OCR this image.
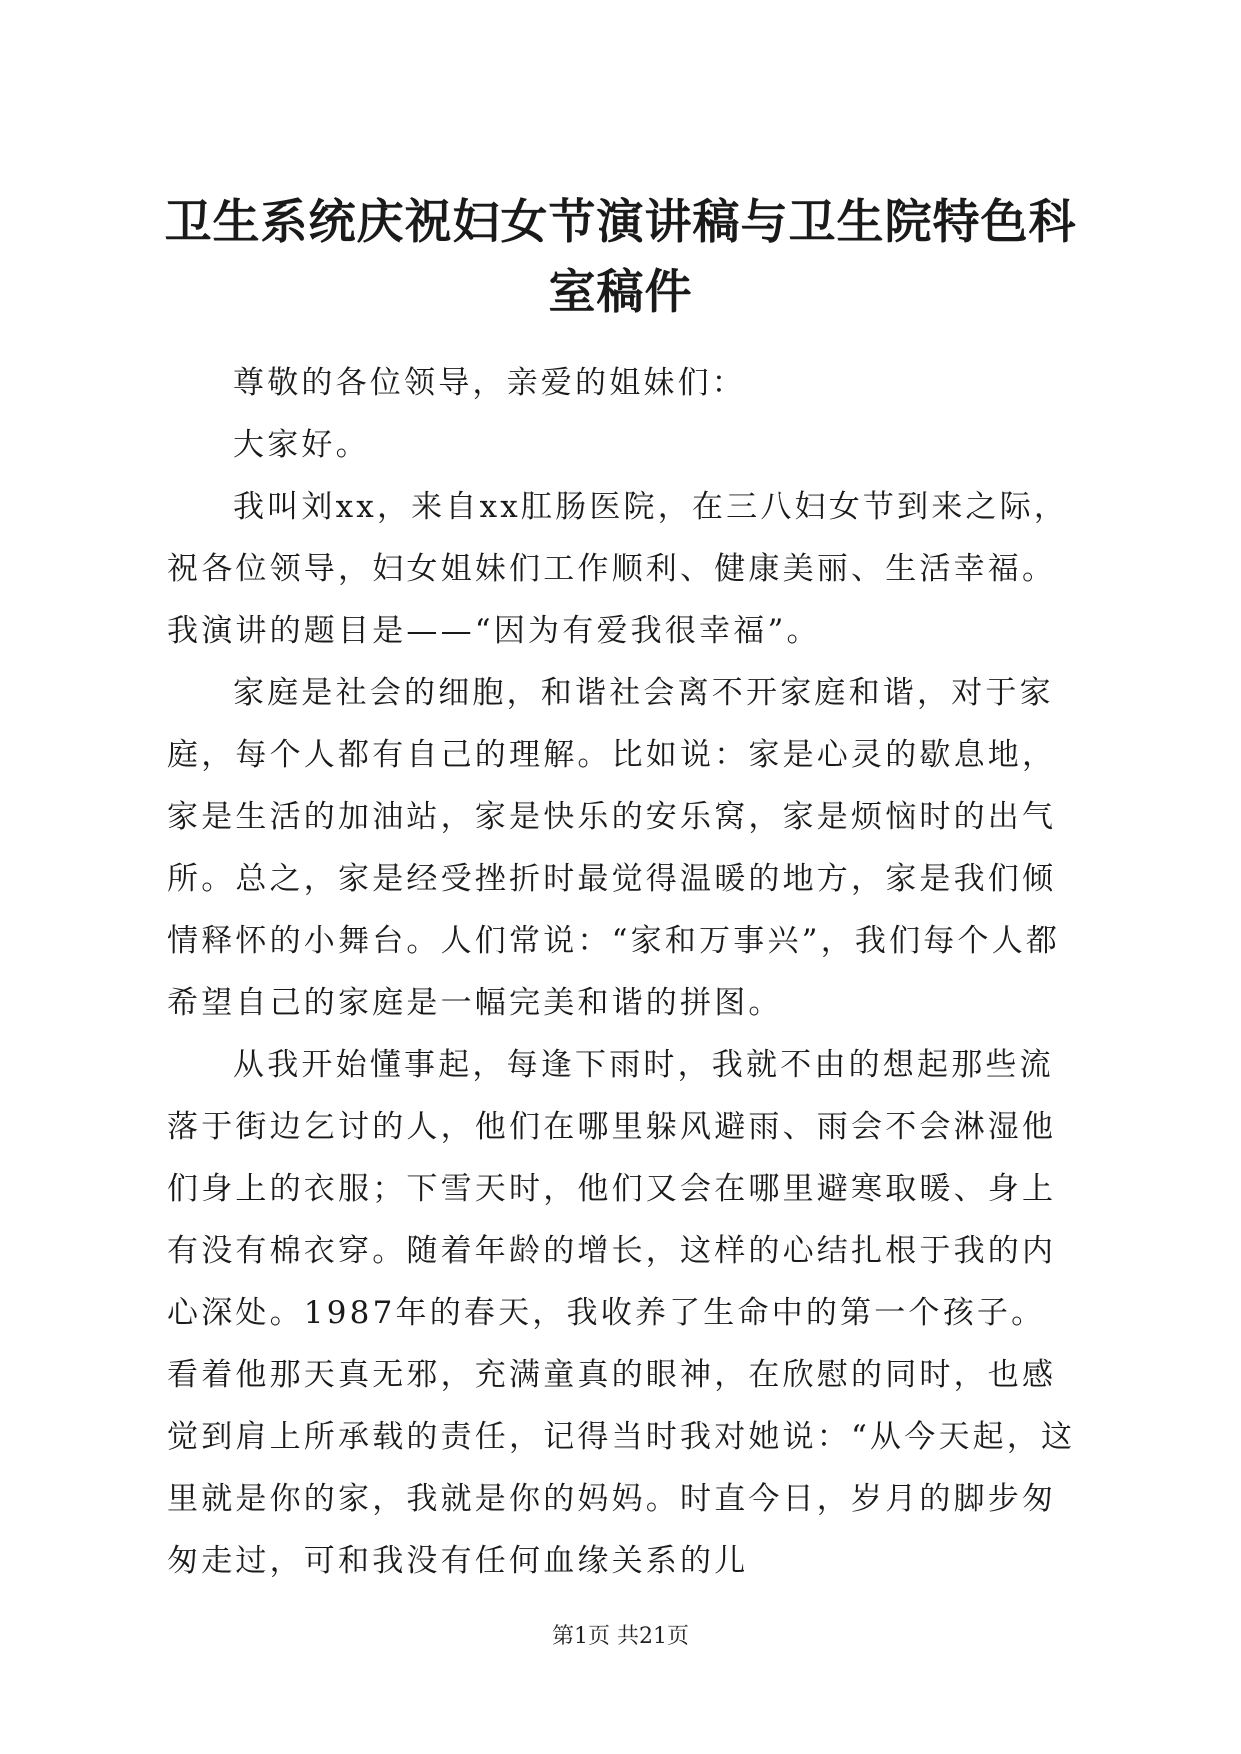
卫生系统庆祝妇女节演讲稿与卫生院特色科室稿件

尊敬的各位领导，亲爱的姐妹们：

大家好。

我叫刘xx，来自xx肛肠医院，在三八妇女节到来之际，祝各位领导，妇女姐妹们工作顺利、健康美丽、生活幸福。我演讲的题目是——“因为有爱我很幸福”。

家庭是社会的细胞，和谐社会离不开家庭和谐，对于家庭，每个人都有自己的理解。比如说：家是心灵的歇息地，家是生活的加油站，家是快乐的安乐窝，家是烦恼时的出气所。总之，家是经受挫折时最觉得温暖的地方，家是我们倾情释怀的小舞台。人们常说：“家和万事兴”，我们每个人都希望自己的家庭是一幅完美和谐的拼图。

从我开始懂事起，每逢下雨时，我就不由的想起那些流落于街边乞讨的人，他们在哪里躲风避雨、雨会不会淋湿他们身上的衣服；下雪天时，他们又会在哪里避寒取暖、身上有没有棉衣穿。随着年龄的增长，这样的心结扎根于我的内心深处。1987年的春天，我收养了生命中的第一个孩子。看着他那天真无邪，充满童真的眼神，在欣慰的同时，也感觉到肩上所承载的责任，记得当时我对她说：“从今天起，这里就是你的家，我就是你的妈妈。时直今日，岁月的脚步匆匆走过，可和我没有任何血缘关系的儿

第1页 共21页
